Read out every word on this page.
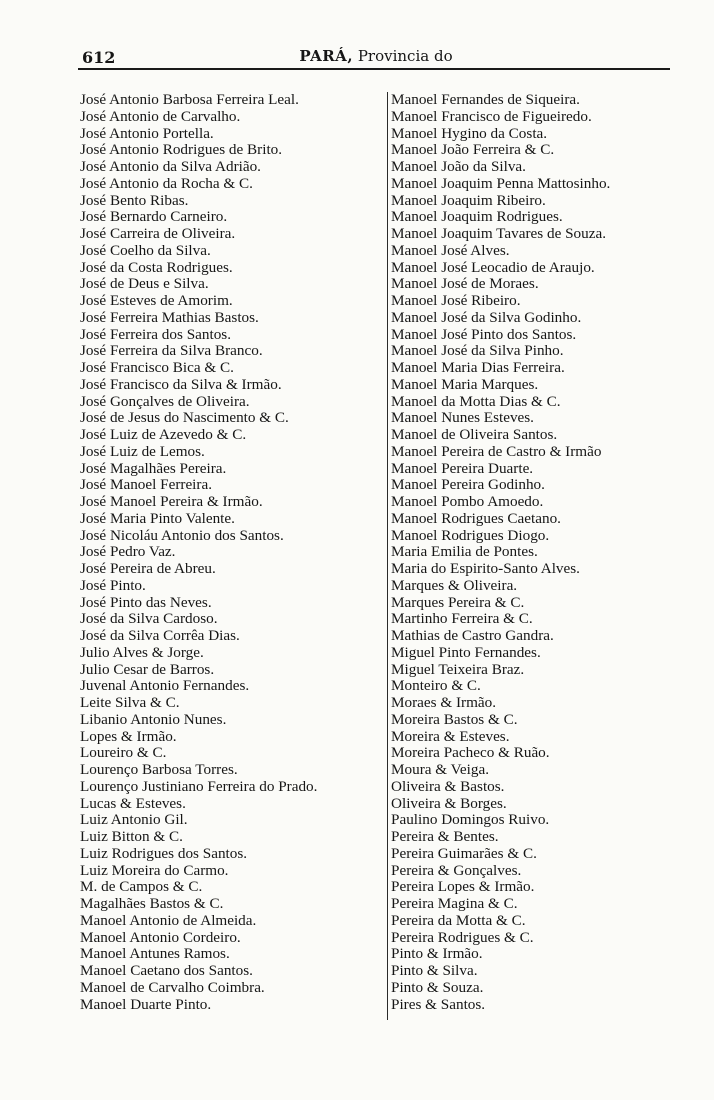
612	PARÁ, Provincia do
José Antonio Barbosa Ferreira Leal.
José Antonio de Carvalho.
José Antonio Portella.
José Antonio Rodrigues de Brito.
José Antonio da Silva Adrião.
José Antonio da Rocha & C.
José Bento Ribas.
José Bernardo Carneiro.
José Carreira de Oliveira.
José Coelho da Silva.
José da Costa Rodrigues.
José de Deus e Silva.
José Esteves de Amorim.
José Ferreira Mathias Bastos.
José Ferreira dos Santos.
José Ferreira da Silva Branco.
José Francisco Bica & C.
José Francisco da Silva & Irmão.
José Gonçalves de Oliveira.
José de Jesus do Nascimento & C.
José Luiz de Azevedo & C.
José Luiz de Lemos.
José Magalhães Pereira.
José Manoel Ferreira.
José Manoel Pereira & Irmão.
José Maria Pinto Valente.
José Nicoláu Antonio dos Santos.
José Pedro Vaz.
José Pereira de Abreu.
José Pinto.
José Pinto das Neves.
José da Silva Cardoso.
José da Silva Corrêa Dias.
Julio Alves & Jorge.
Julio Cesar de Barros.
Juvenal Antonio Fernandes.
Leite Silva & C.
Libanio Antonio Nunes.
Lopes & Irmão.
Loureiro & C.
Lourenço Barbosa Torres.
Lourenço Justiniano Ferreira do Prado.
Lucas & Esteves.
Luiz Antonio Gil.
Luiz Bitton & C.
Luiz Rodrigues dos Santos.
Luiz Moreira do Carmo.
M. de Campos & C.
Magalhães Bastos & C.
Manoel Antonio de Almeida.
Manoel Antonio Cordeiro.
Manoel Antunes Ramos.
Manoel Caetano dos Santos.
Manoel de Carvalho Coimbra.
Manoel Duarte Pinto.
Manoel Fernandes de Siqueira.
Manoel Francisco de Figueiredo.
Manoel Hygino da Costa.
Manoel João Ferreira & C.
Manoel João da Silva.
Manoel Joaquim Penna Mattosinho.
Manoel Joaquim Ribeiro.
Manoel Joaquim Rodrigues.
Manoel Joaquim Tavares de Souza.
Manoel José Alves.
Manoel José Leocadio de Araujo.
Manoel José de Moraes.
Manoel José Ribeiro.
Manoel José da Silva Godinho.
Manoel José Pinto dos Santos.
Manoel José da Silva Pinho.
Manoel Maria Dias Ferreira.
Manoel Maria Marques.
Manoel da Motta Dias & C.
Manoel Nunes Esteves.
Manoel de Oliveira Santos.
Manoel Pereira de Castro & Irmão
Manoel Pereira Duarte.
Manoel Pereira Godinho.
Manoel Pombo Amoedo.
Manoel Rodrigues Caetano.
Manoel Rodrigues Diogo.
Maria Emilia de Pontes.
Maria do Espirito-Santo Alves.
Marques & Oliveira.
Marques Pereira & C.
Martinho Ferreira & C.
Mathias de Castro Gandra.
Miguel Pinto Fernandes.
Miguel Teixeira Braz.
Monteiro & C.
Moraes & Irmão.
Moreira Bastos & C.
Moreira & Esteves.
Moreira Pacheco & Ruão.
Moura & Veiga.
Oliveira & Bastos.
Oliveira & Borges.
Paulino Domingos Ruivo.
Pereira & Bentes.
Pereira Guimarães & C.
Pereira & Gonçalves.
Pereira Lopes & Irmão.
Pereira Magina & C.
Pereira da Motta & C.
Pereira Rodrigues & C.
Pinto & Irmão.
Pinto & Silva.
Pinto & Souza.
Pires & Santos.
